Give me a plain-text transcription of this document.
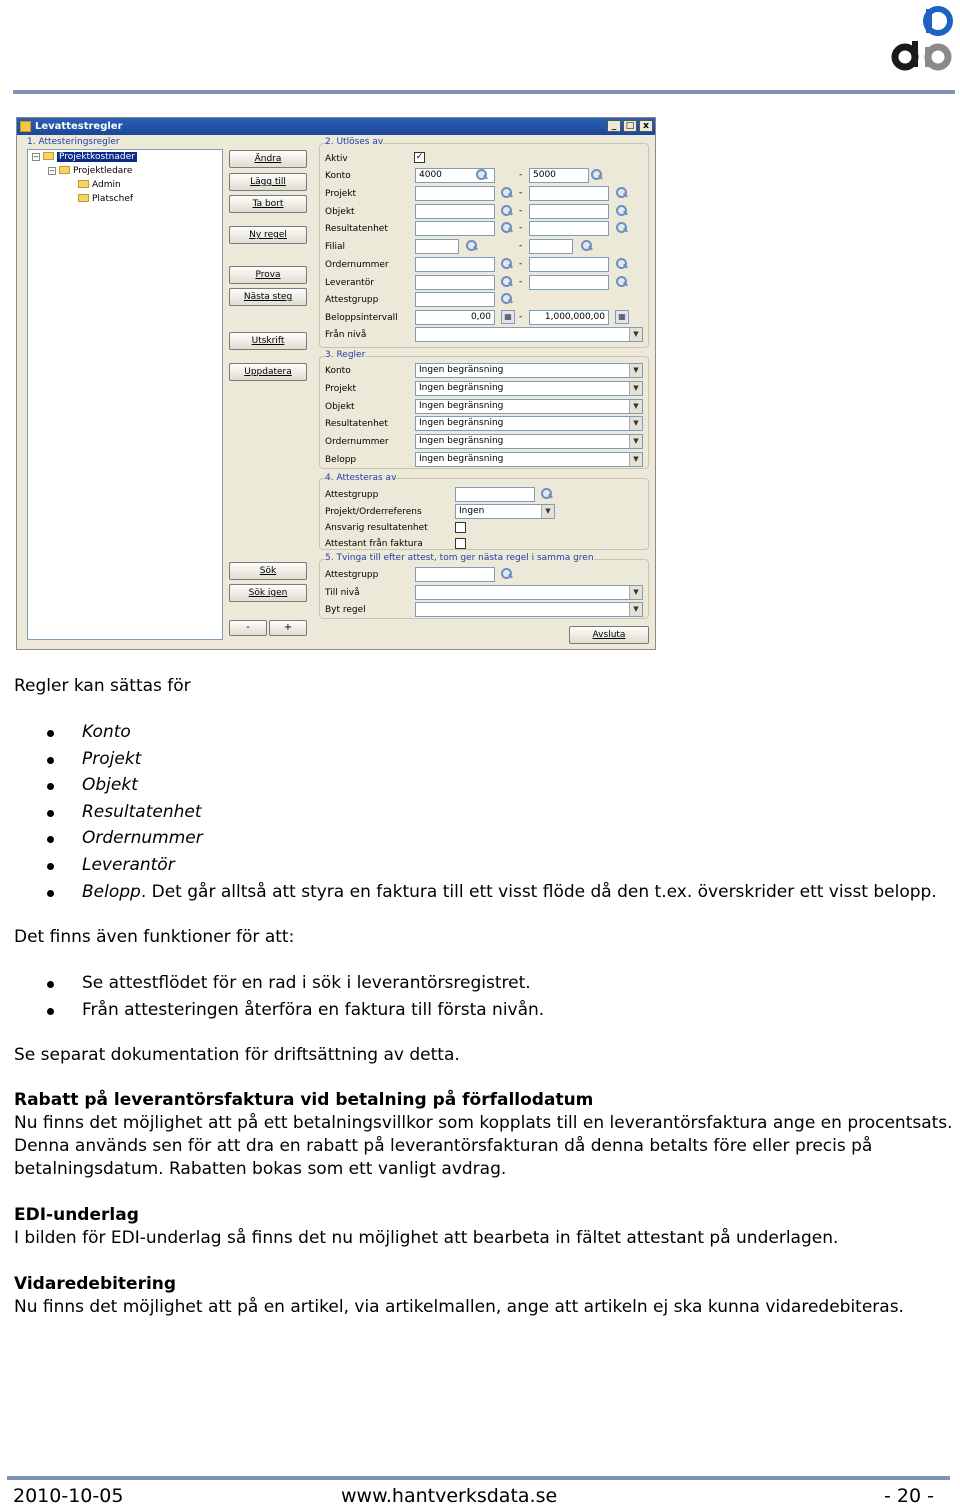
Levattestregler	_	□ x
1. Attesteringsregler
− Projektkostnader
− Projektledare
Admin
Platschef
Ändra
Lägg till
Ta bort
Ny regel
Prova
Nästa steg
Utskrift
Uppdatera
Sök
Sök igen
-	+
Avsluta
2. Utlöses av
Aktiv	✓
Konto	4000	-	5000
Projekt	-
Objekt	-
Resultatenhet	-
Filial	-
Ordernummer	-
Leverantör	-
Attestgrupp
Beloppsintervall	0,00	▦ -	1,000,000,00	▦
Från nivå	▼
3. Regler
Konto	Ingen begränsning	▼
Projekt	Ingen begränsning	▼
Objekt	Ingen begränsning	▼
Resultatenhet	Ingen begränsning	▼
Ordernummer	Ingen begränsning	▼
Belopp	Ingen begränsning	▼
4. Attesteras av
Attestgrupp
Projekt/Orderreferens	Ingen	▼
Ansvarig resultatenhet
Attestant från faktura
5. Tvinga till efter attest, tom ger nästa regel i samma gren
Attestgrupp
Till nivå	▼
Byt regel	▼
Regler kan sättas för
Konto
Projekt
Objekt
Resultatenhet
Ordernummer
Leverantör
Belopp. Det går alltså att styra en faktura till ett visst flöde då den t.ex. överskrider ett visst belopp.
Det finns även funktioner för att:
Se attestflödet för en rad i sök i leverantörsregistret.
Från attesteringen återföra en faktura till första nivån.
Se separat dokumentation för driftsättning av detta.
Rabatt på leverantörsfaktura vid betalning på förfallodatum
Nu finns det möjlighet att på ett betalningsvillkor som kopplats till en leverantörsfaktura ange en procentsats.
Denna används sen för att dra en rabatt på leverantörsfakturan då denna betalts före eller precis på
betalningsdatum. Rabatten bokas som ett vanligt avdrag.
EDI-underlag
I bilden för EDI-underlag så finns det nu möjlighet att bearbeta in fältet attestant på underlagen.
Vidaredebitering
Nu finns det möjlighet att på en artikel, via artikelmallen, ange att artikeln ej ska kunna vidaredebiteras.
2010-10-05	www.hantverksdata.se	- 20 -
